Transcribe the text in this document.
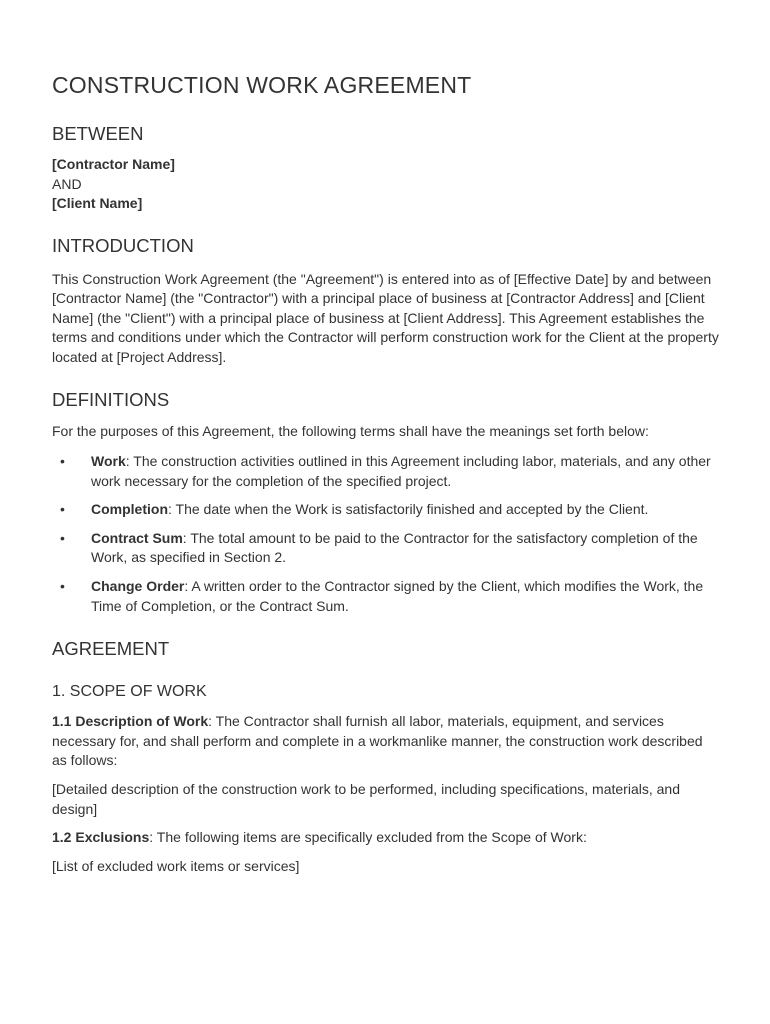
CONSTRUCTION WORK AGREEMENT
BETWEEN
[Contractor Name]
AND
[Client Name]
INTRODUCTION

This Construction Work Agreement (the "Agreement") is entered into as of [Effective Date] by and between [Contractor Name] (the "Contractor") with a principal place of business at [Contractor Address] and [Client Name] (the "Client") with a principal place of business at [Client Address]. This Agreement establishes the terms and conditions under which the Contractor will perform construction work for the Client at the property located at [Project Address].

DEFINITIONS

For the purposes of this Agreement, the following terms shall have the meanings set forth below:

• Work: The construction activities outlined in this Agreement including labor, materials, and any other work necessary for the completion of the specified project.
• Completion: The date when the Work is satisfactorily finished and accepted by the Client.
• Contract Sum: The total amount to be paid to the Contractor for the satisfactory completion of the Work, as specified in Section 2.
• Change Order: A written order to the Contractor signed by the Client, which modifies the Work, the Time of Completion, or the Contract Sum.
AGREEMENT
1. SCOPE OF WORK

1.1 Description of Work: The Contractor shall furnish all labor, materials, equipment, and services necessary for, and shall perform and complete in a workmanlike manner, the construction work described as follows:

[Detailed description of the construction work to be performed, including specifications, materials, and design]

1.2 Exclusions: The following items are specifically excluded from the Scope of Work:

[List of excluded work items or services]
